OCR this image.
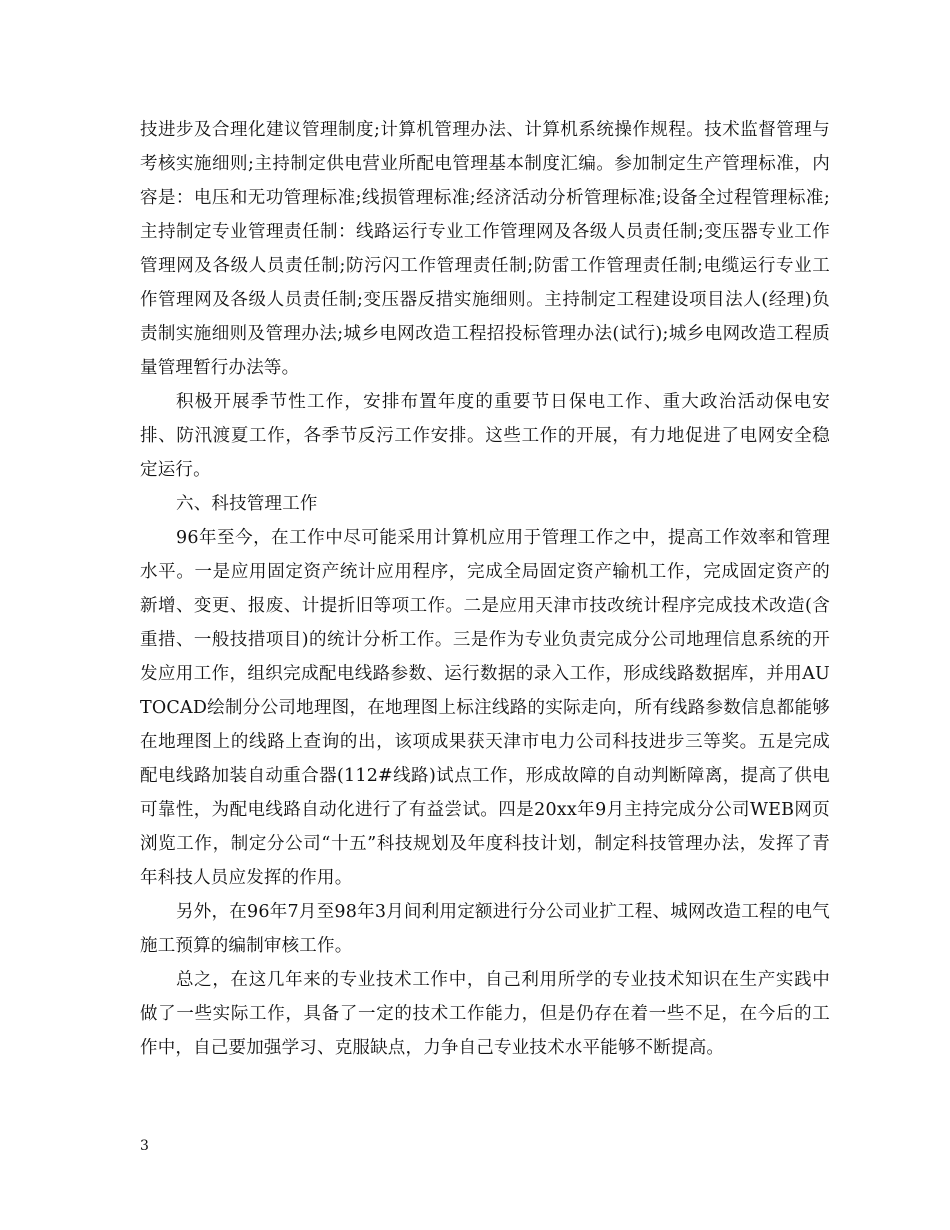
技进步及合理化建议管理制度;计算机管理办法、计算机系统操作规程。技术监督管理与考核实施细则;主持制定供电营业所配电管理基本制度汇编。参加制定生产管理标准，内容是：电压和无功管理标准;线损管理标准;经济活动分析管理标准;设备全过程管理标准;主持制定专业管理责任制：线路运行专业工作管理网及各级人员责任制;变压器专业工作管理网及各级人员责任制;防污闪工作管理责任制;防雷工作管理责任制;电缆运行专业工作管理网及各级人员责任制;变压器反措实施细则。主持制定工程建设项目法人(经理)负责制实施细则及管理办法;城乡电网改造工程招投标管理办法(试行);城乡电网改造工程质量管理暂行办法等。

积极开展季节性工作，安排布置年度的重要节日保电工作、重大政治活动保电安排、防汛渡夏工作，各季节反污工作安排。这些工作的开展，有力地促进了电网安全稳定运行。

六、科技管理工作

96年至今，在工作中尽可能采用计算机应用于管理工作之中，提高工作效率和管理水平。一是应用固定资产统计应用程序，完成全局固定资产输机工作，完成固定资产的新增、变更、报废、计提折旧等项工作。二是应用天津市技改统计程序完成技术改造(含重措、一般技措项目)的统计分析工作。三是作为专业负责完成分公司地理信息系统的开发应用工作，组织完成配电线路参数、运行数据的录入工作，形成线路数据库，并用AUTOCAD绘制分公司地理图，在地理图上标注线路的实际走向，所有线路参数信息都能够在地理图上的线路上查询的出，该项成果获天津市电力公司科技进步三等奖。五是完成配电线路加装自动重合器(112#线路)试点工作，形成故障的自动判断障离，提高了供电可靠性，为配电线路自动化进行了有益尝试。四是20xx年9月主持完成分公司WEB网页浏览工作，制定分公司“十五”科技规划及年度科技计划，制定科技管理办法，发挥了青年科技人员应发挥的作用。

另外，在96年7月至98年3月间利用定额进行分公司业扩工程、城网改造工程的电气施工预算的编制审核工作。

总之，在这几年来的专业技术工作中，自己利用所学的专业技术知识在生产实践中做了一些实际工作，具备了一定的技术工作能力，但是仍存在着一些不足，在今后的工作中，自己要加强学习、克服缺点，力争自己专业技术水平能够不断提高。

3
